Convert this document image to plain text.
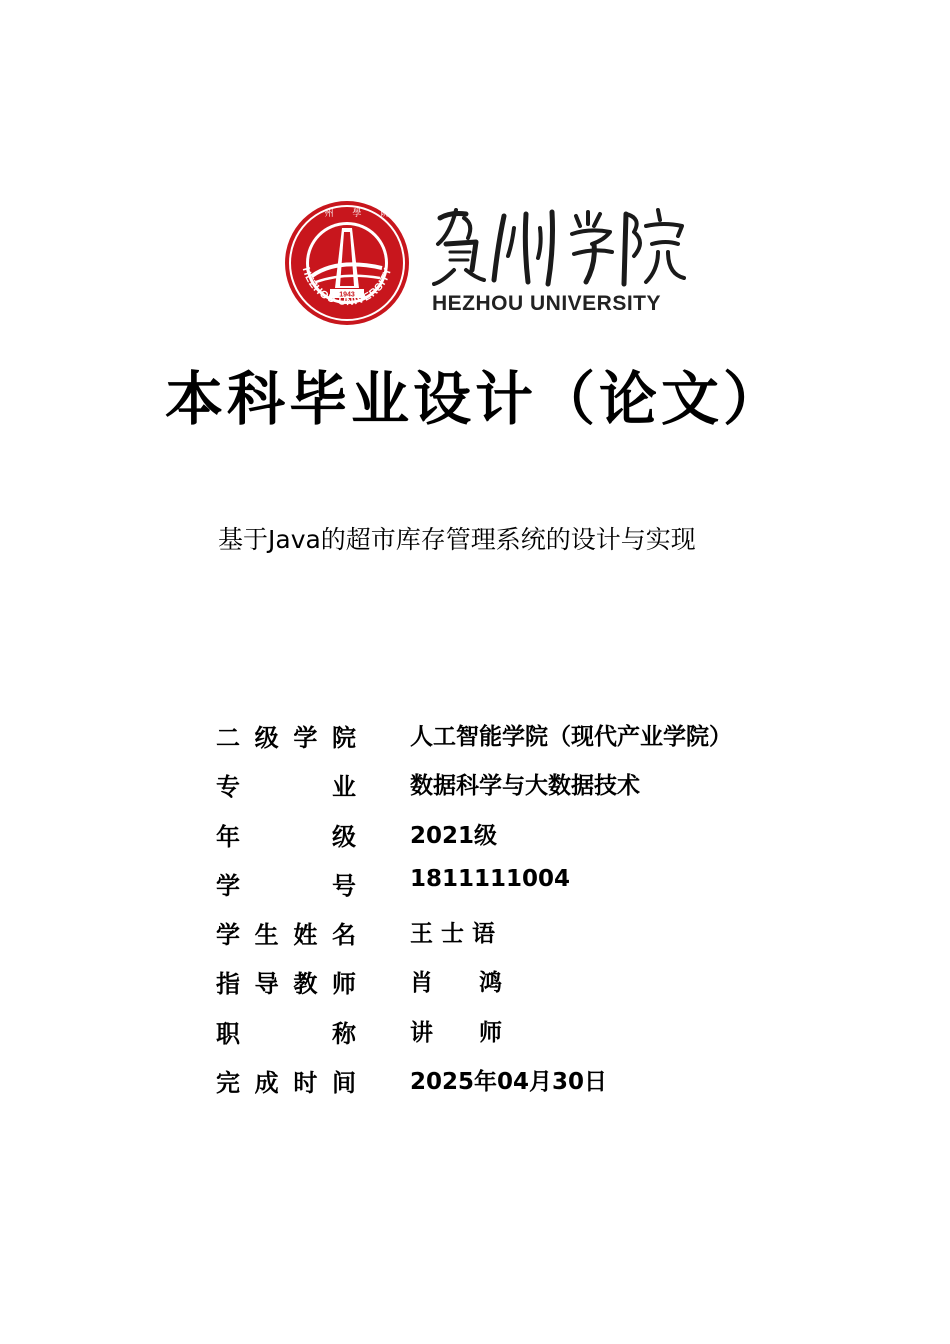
1943
HEZHOU UNIVERSITY
賀 州 學 院
HEZHOU UNIVERSITY
本科毕业设计（论文）
基于Java的超市库存管理系统的设计与实现
二 级 学 院 人工智能学院（现代产业学院）
专	业 数据科学与大数据技术
年	级 2021级
学	号 1811111004
学 生 姓 名 王 士 语
指 导 教 师 肖　　鸿
职	称 讲　　师
完 成 时 间 2025年04月30日
